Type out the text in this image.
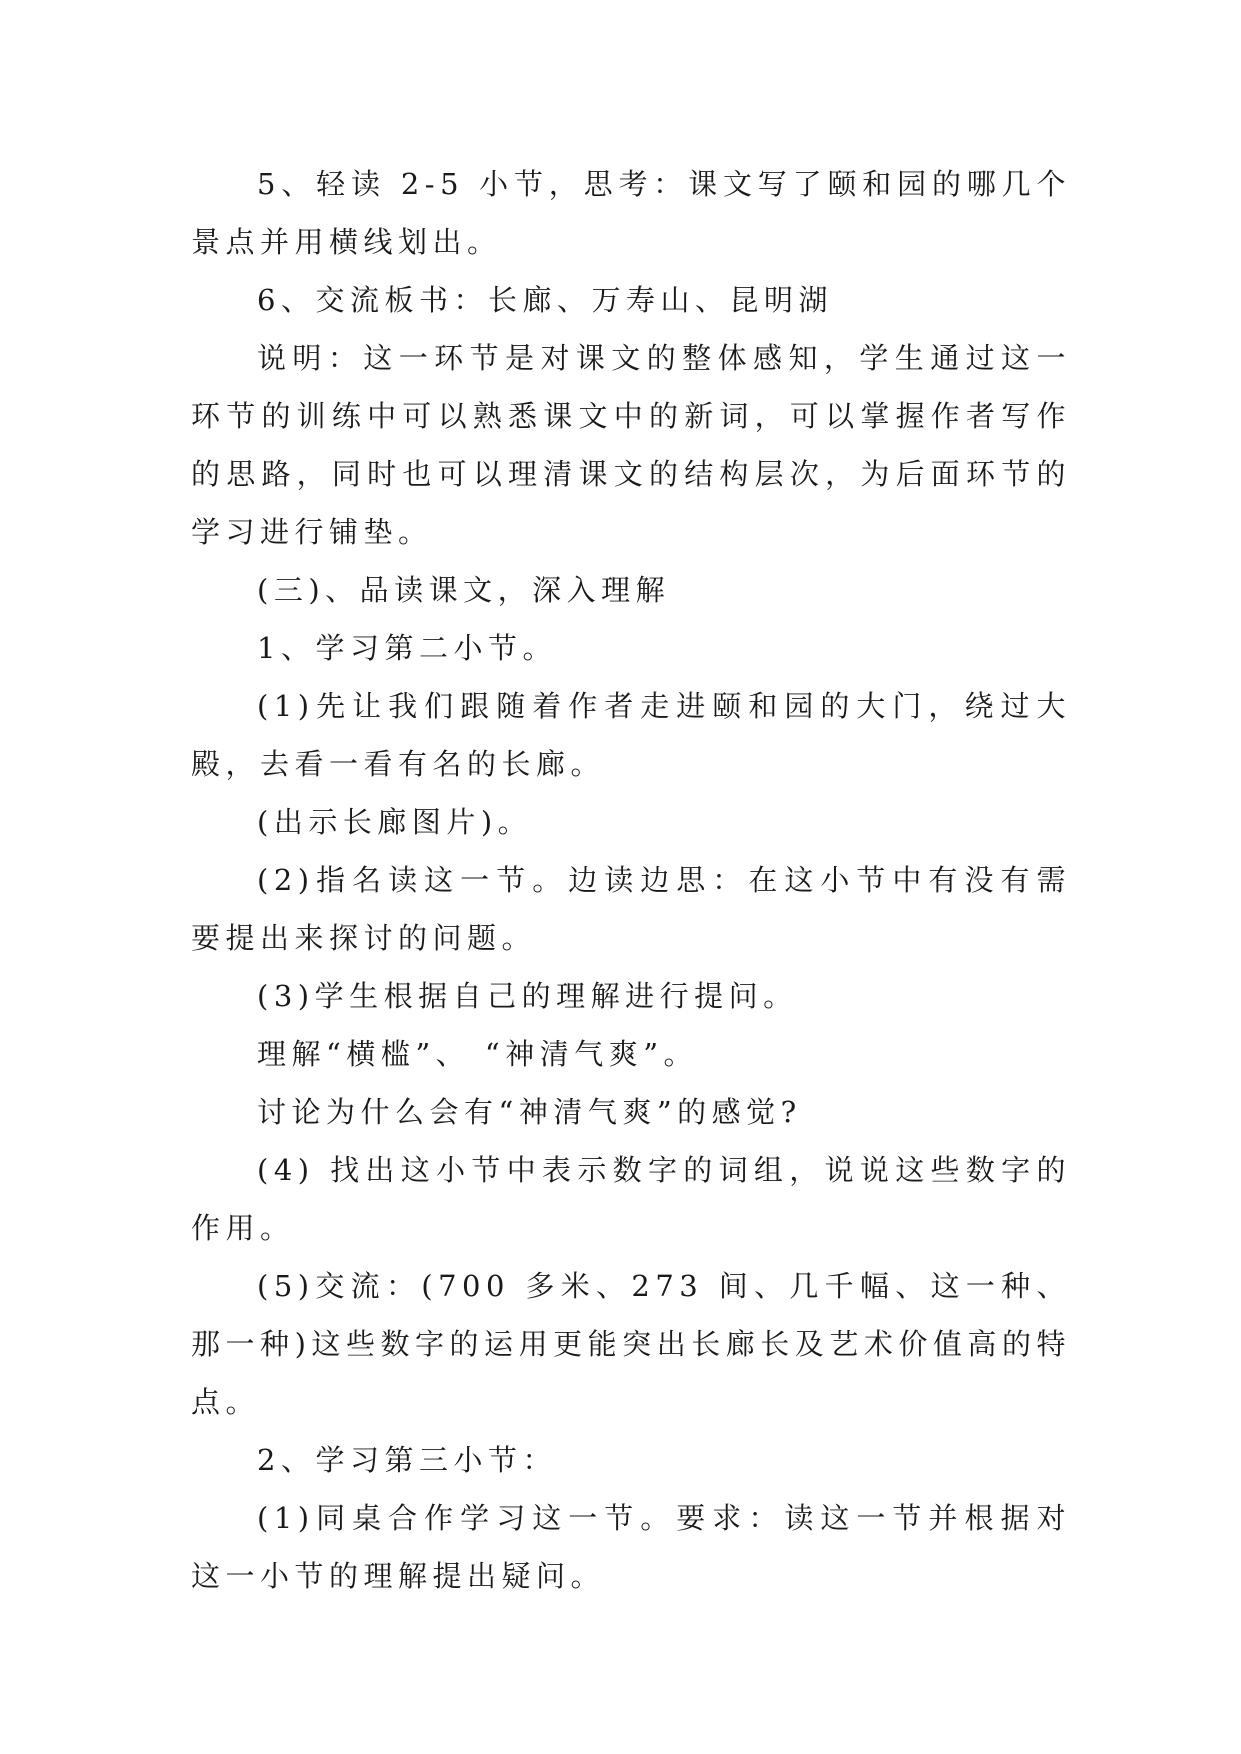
5、轻读 2-5 小节，思考：课文写了颐和园的哪几个景点并用横线划出。

6、交流板书：长廊、万寿山、昆明湖

说明：这一环节是对课文的整体感知，学生通过这一环节的训练中可以熟悉课文中的新词，可以掌握作者写作的思路，同时也可以理清课文的结构层次，为后面环节的学习进行铺垫。

(三)、品读课文，深入理解

1、学习第二小节。

(1)先让我们跟随着作者走进颐和园的大门，绕过大殿，去看一看有名的长廊。

(出示长廊图片)。

(2)指名读这一节。边读边思：在这小节中有没有需要提出来探讨的问题。

(3)学生根据自己的理解进行提问。

理解“横槛”、 “神清气爽”。

讨论为什么会有“神清气爽”的感觉?

(4) 找出这小节中表示数字的词组，说说这些数字的作用。

(5)交流：(700 多米、273 间、几千幅、这一种、那一种)这些数字的运用更能突出长廊长及艺术价值高的特点。

2、学习第三小节：

(1)同桌合作学习这一节。要求：读这一节并根据对这一小节的理解提出疑问。
